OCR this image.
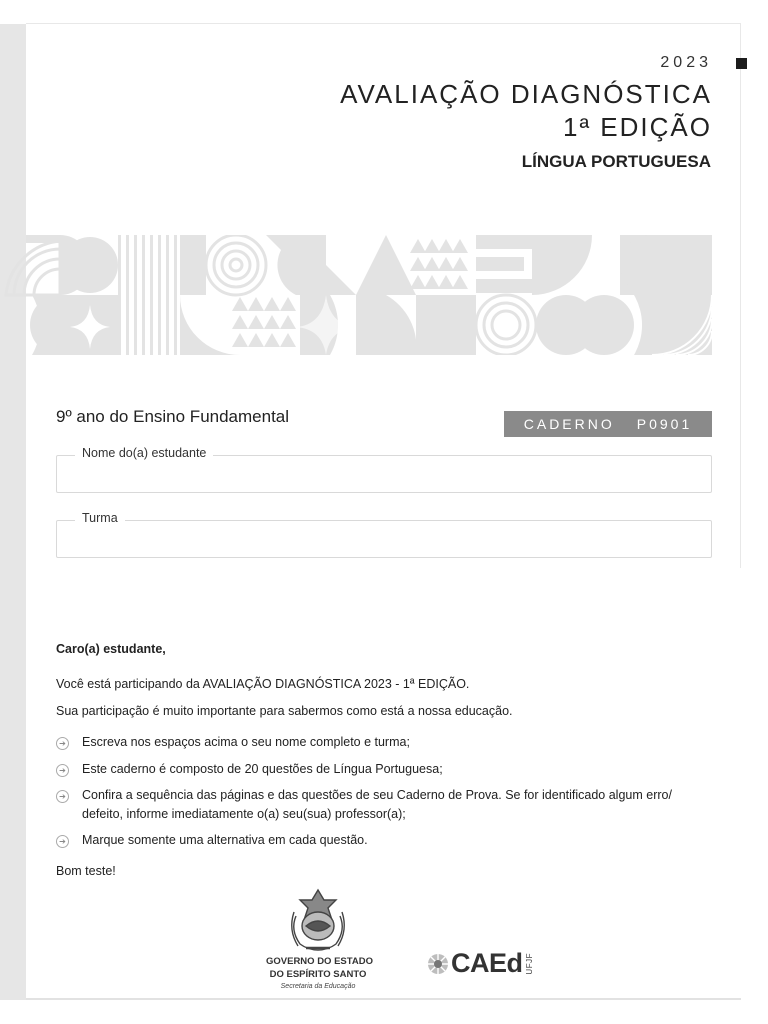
2023
AVALIAÇÃO DIAGNÓSTICA
1ª EDIÇÃO
LÍNGUA PORTUGUESA
9º ano do Ensino Fundamental	CADERNO P0901
Nome do(a) estudante
Turma
Caro(a) estudante,
Você está participando da AVALIAÇÃO DIAGNÓSTICA 2023 - 1ª EDIÇÃO.
Sua participação é muito importante para sabermos como está a nossa educação.
➔ Escreva nos espaços acima o seu nome completo e turma;
➔ Este caderno é composto de 20 questões de Língua Portuguesa;
➔ Confira a sequência das páginas e das questões de seu Caderno de Prova. Se for identificado algum erro/ defeito, informe imediatamente o(a) seu(sua) professor(a);
➔ Marque somente uma alternativa em cada questão.
Bom teste!
GOVERNO DO ESTADO
DO ESPÍRITO SANTO
Secretaria da Educação
CAEd UFJF
